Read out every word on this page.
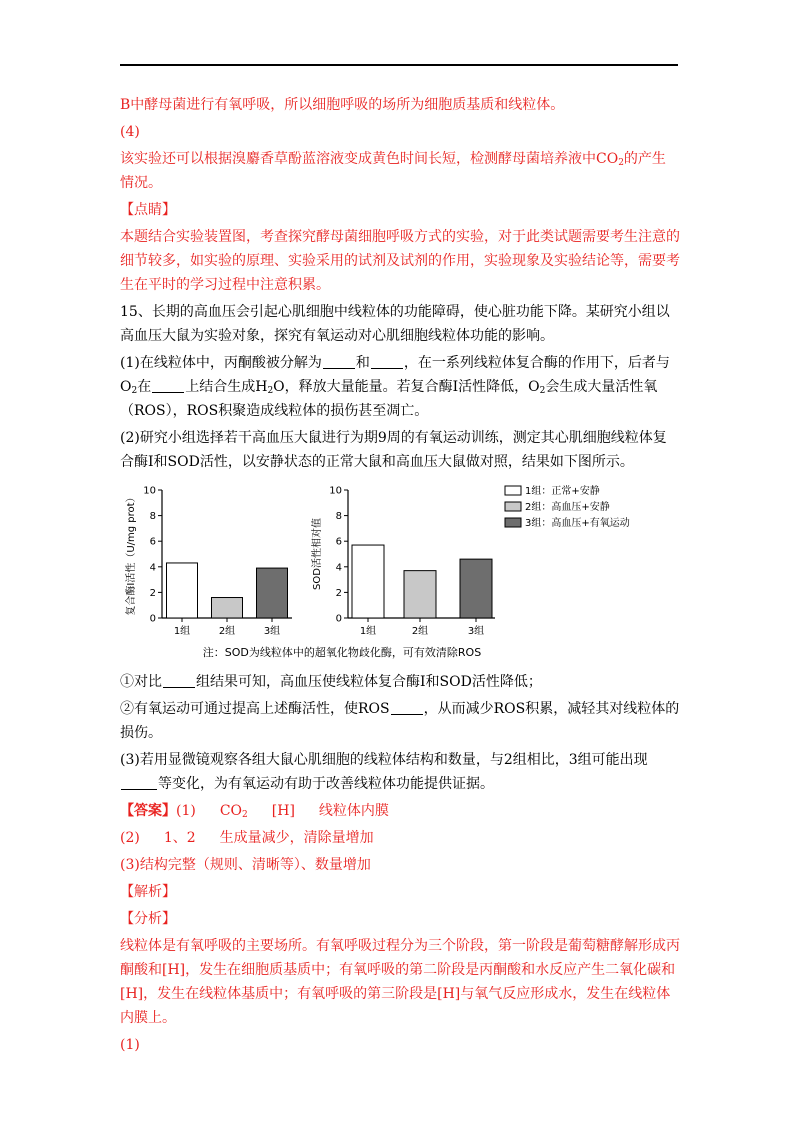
B中酵母菌进行有氧呼吸，所以细胞呼吸的场所为细胞质基质和线粒体。

(4)

该实验还可以根据溴麝香草酚蓝溶液变成黄色时间长短，检测酵母菌培养液中$CO_2$的产生
情况。

【点睛】

本题结合实验装置图，考查探究酵母菌细胞呼吸方式的实验，对于此类试题需要考生注意的细节较多，如实验的原理、实验采用的试剂及试剂的作用，实验现象及实验结论等，需要考生在平时的学习过程中注意积累。

15、长期的高血压会引起心肌细胞中线粒体的功能障碍，使心脏功能下降。某研究小组以高血压大鼠为实验对象，探究有氧运动对心肌细胞线粒体功能的影响。

(1)在线粒体中，丙酮酸被分解为 和 ，在一系列线粒体复合酶的作用下，后者与$O_2$在 上结合生成$H_2O$，释放大量能量。若复合酶Ⅰ活性降低，$O_2$会生成大量活性氧（ROS），ROS积聚造成线粒体的损伤甚至凋亡。

(2)研究小组选择若干高血压大鼠进行为期9周的有氧运动训练，测定其心肌细胞线粒体复合酶Ⅰ和SOD活性，以安静状态的正常大鼠和高血压大鼠做对照，结果如下图所示。

0
2
4
6
8
10
复合酶Ⅰ活性（U/mg prot）
1组	2组	3组
0
2
4
6
8
10
SOD活性相对值
1组	2组	3组
1组：正常+安静
2组：高血压+安静
3组：高血压+有氧运动
注：SOD为线粒体中的超氧化物歧化酶，可有效清除ROS

①对比 组结果可知，高血压使线粒体复合酶Ⅰ和SOD活性降低；

②有氧运动可通过提高上述酶活性，使ROS ，从而减少ROS积累，减轻其对线粒体的损伤。

(3)若用显微镜观察各组大鼠心肌细胞的线粒体结构和数量，与2组相比，3组可能出现等变化，为有氧运动有助于改善线粒体功能提供证据。

【答案】(1) $CO_2$ [H] 线粒体内膜

(2) 1、2 生成量减少，清除量增加

(3)结构完整（规则、清晰等）、数量增加

【解析】

【分析】

线粒体是有氧呼吸的主要场所。有氧呼吸过程分为三个阶段，第一阶段是葡萄糖酵解形成丙酮酸和[H]，发生在细胞质基质中；有氧呼吸的第二阶段是丙酮酸和水反应产生二氧化碳和[H]，发生在线粒体基质中；有氧呼吸的第三阶段是[H]与氧气反应形成水，发生在线粒体内膜上。

(1)
